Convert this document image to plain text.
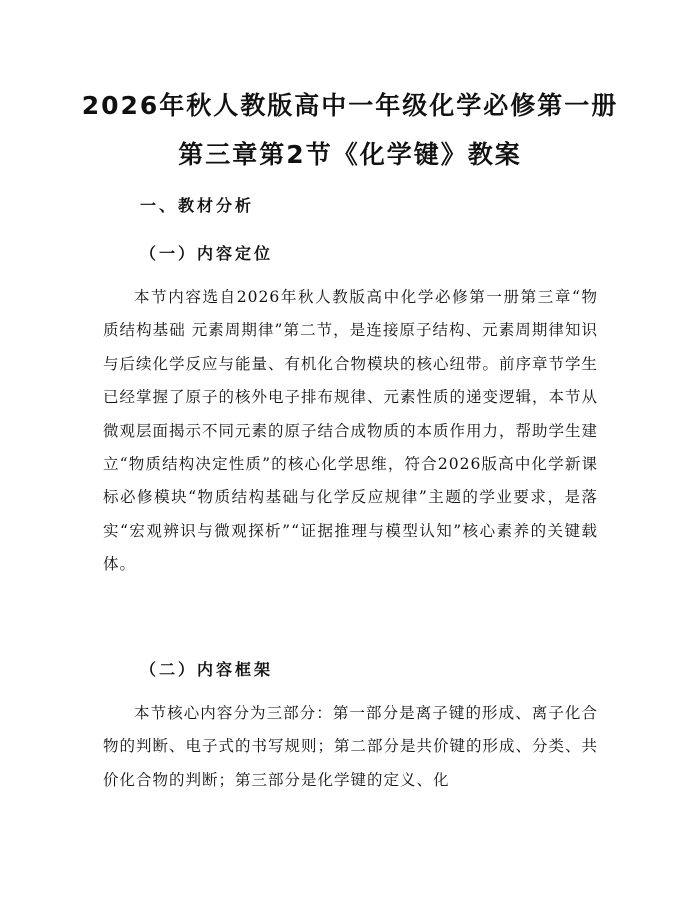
2026年秋人教版高中一年级化学必修第一册
第三章第2节《化学键》教案
一、教材分析
（一）内容定位

本节内容选自2026年秋人教版高中化学必修第一册第三章“物质结构基础 元素周期律”第二节，是连接原子结构、元素周期律知识与后续化学反应与能量、有机化合物模块的核心纽带。前序章节学生已经掌握了原子的核外电子排布规律、元素性质的递变逻辑，本节从微观层面揭示不同元素的原子结合成物质的本质作用力，帮助学生建立“物质结构决定性质”的核心化学思维，符合2026版高中化学新课标必修模块“物质结构基础与化学反应规律”主题的学业要求，是落实“宏观辨识与微观探析”“证据推理与模型认知”核心素养的关键载体。

（二）内容框架

本节核心内容分为三部分：第一部分是离子键的形成、离子化合物的判断、电子式的书写规则；第二部分是共价键的形成、分类、共价化合物的判断；第三部分是化学键的定义、化
